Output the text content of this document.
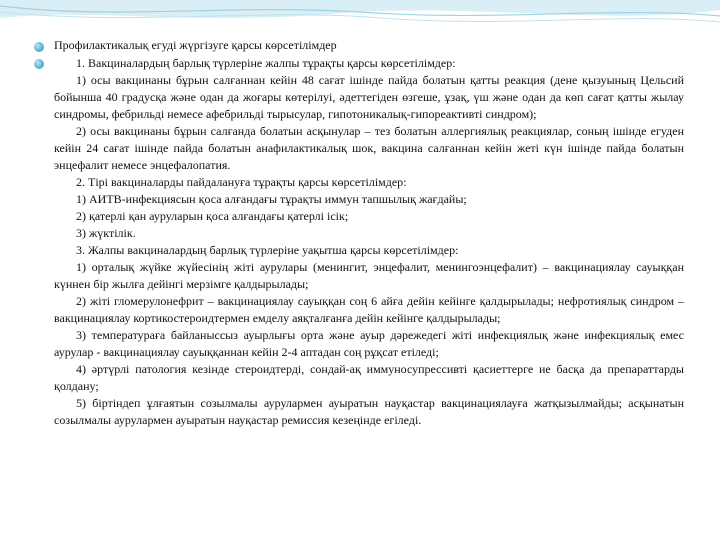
Профилактикалық егуді жүргізуге қарсы көрсетілімдер

1. Вакциналардың барлық түрлеріне жалпы тұрақты қарсы көрсетілімдер:

1) осы вакцинаны бұрын салғаннан кейін 48 сағат ішінде пайда болатын қатты реакция (дене қызуының Цельсий бойынша 40 градусқа және одан да жоғары көтерілуі, әдеттегіден өзгеше, ұзақ, үш және одан да көп сағат қатты жылау синдромы, фебрильді немесе афебрильді тырысулар, гипотоникалық-гипореактивті синдром);

2) осы вакцинаны бұрын салғанда болатын асқынулар – тез болатын аллергиялық реакциялар, соның ішінде егуден кейін 24 сағат ішінде пайда болатын анафилактикалық шок, вакцина салғаннан кейін жеті күн ішінде пайда болатын энцефалит немесе энцефалопатия.

2. Тірі вакциналарды пайдалануға тұрақты қарсы көрсетілімдер:

1) АИТВ-инфекциясын қоса алғандағы тұрақты иммун тапшылық жағдайы;

2) қатерлі қан ауруларын қоса алғандағы қатерлі ісік;

3) жүктілік.

3. Жалпы вакциналардың барлық түрлеріне уақытша қарсы көрсетілімдер:

1) орталық жүйке жүйесінің жіті аурулары (менингит, энцефалит, менингоэнцефалит) – вакцинациялау сауыққан күннен бір жылға дейінгі мерзімге қалдырылады;

2) жіті гломерулонефрит – вакцинациялау сауыққан соң 6 айға дейін кейінге қалдырылады; нефротиялық синдром – вакцинациялау кортикостероидтермен емделу аяқталғанға дейін кейінге қалдырылады;

3) температураға байланыссыз ауырлығы орта және ауыр дәрежедегі жіті инфекциялық және инфекциялық емес аурулар - вакцинациялау сауыққаннан кейін 2-4 аптадан соң рұқсат етіледі;

4) әртүрлі патология кезінде стероидтерді, сондай-ақ иммуносупрессивті қасиеттерге ие басқа да препараттарды қолдану;

5) біртіндеп ұлғаятын созылмалы аурулармен ауыратын науқастар вакцинациялауға жатқызылмайды; асқынатын созылмалы аурулармен ауыратын науқастар ремиссия кезеңінде егіледі.
